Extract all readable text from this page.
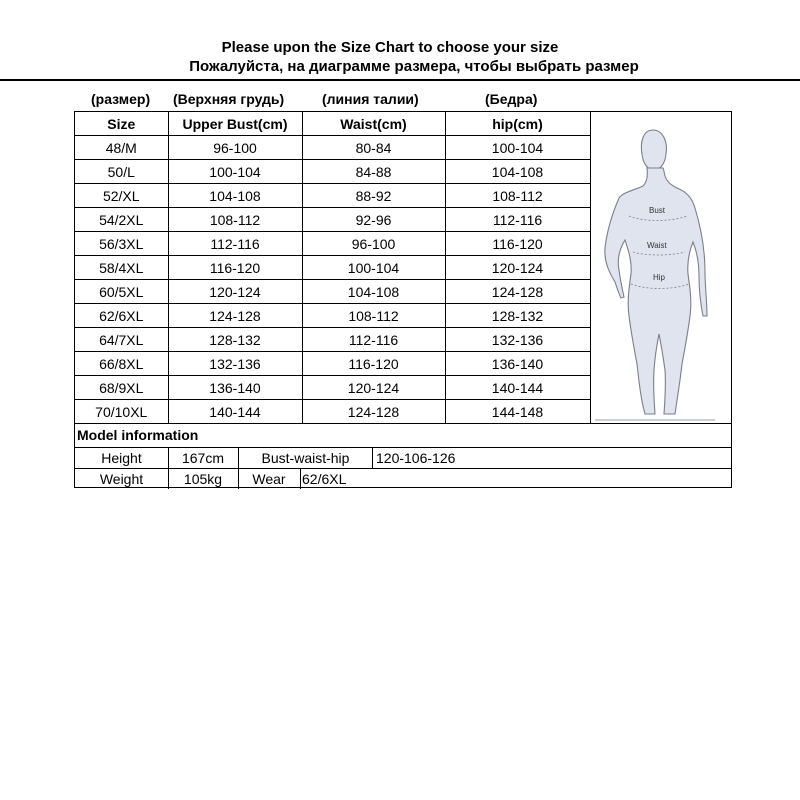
Please upon the Size Chart to choose your size
Пожалуйста, на диаграмме размера, чтобы выбрать размер
(размер) (Верхняя грудь)	(линия талии)	(Бедра)
Size	Upper Bust(cm)	Waist(cm)	hip(cm)
48/M	96-100	80-84	100-104
50/L	100-104	84-88	104-108
52/XL	104-108	88-92	108-112
54/2XL	108-112	92-96	112-116
56/3XL	112-116	96-100	116-120
58/4XL	116-120	100-104	120-124
60/5XL	120-124	104-108	124-128
62/6XL	124-128	108-112	128-132
64/7XL	128-132	112-116	132-136
66/8XL	132-136	116-120	136-140
68/9XL	136-140	120-124	140-144
70/10XL	140-144	124-128	144-148
Bust
Waist
Hip
Model information
Height	167cm	Bust-waist-hip	120-106-126
Weight	105kg	Wear	62/6XL
